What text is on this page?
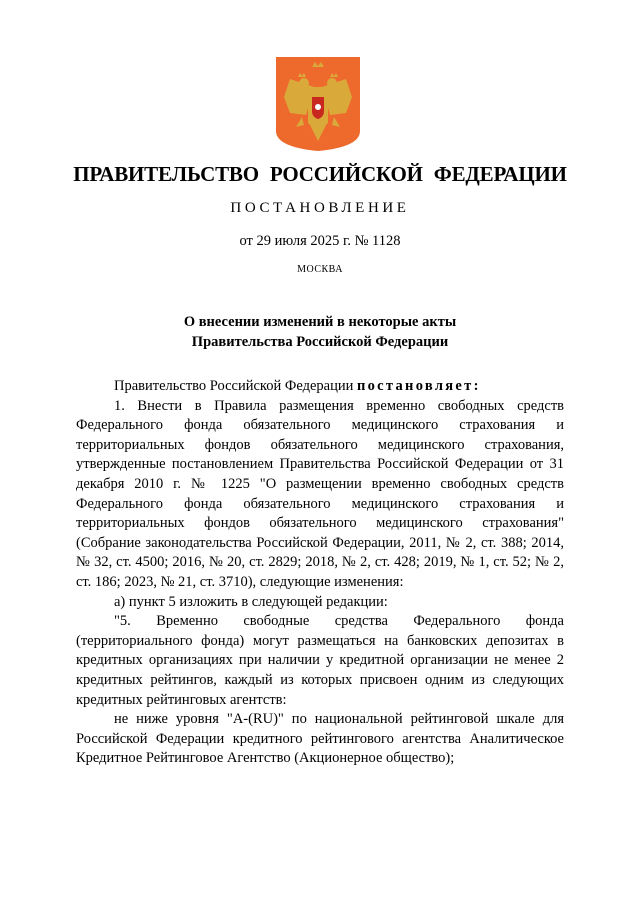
ПРАВИТЕЛЬСТВО РОССИЙСКОЙ ФЕДЕРАЦИИ
ПОСТАНОВЛЕНИЕ
от 29 июля 2025 г. № 1128
МОСКВА
О внесении изменений в некоторые акты
Правительства Российской Федерации

Правительство Российской Федерации постановляет:

1. Внести в Правила размещения временно свободных средств Федерального фонда обязательного медицинского страхования и территориальных фондов обязательного медицинского страхования, утвержденные постановлением Правительства Российской Федерации от 31 декабря 2010 г. № 1225 "О размещении временно свободных средств Федерального фонда обязательного медицинского страхования и территориальных фондов обязательного медицинского страхования" (Собрание законодательства Российской Федерации, 2011, № 2, ст. 388; 2014, № 32, ст. 4500; 2016, № 20, ст. 2829; 2018, № 2, ст. 428; 2019, № 1, ст. 52; № 2, ст. 186; 2023, № 21, ст. 3710), следующие изменения:

а) пункт 5 изложить в следующей редакции:

"5. Временно свободные средства Федерального фонда (территориального фонда) могут размещаться на банковских депозитах в кредитных организациях при наличии у кредитной организации не менее 2 кредитных рейтингов, каждый из которых присвоен одним из следующих кредитных рейтинговых агентств:

не ниже уровня "A-(RU)" по национальной рейтинговой шкале для Российской Федерации кредитного рейтингового агентства Аналитическое Кредитное Рейтинговое Агентство (Акционерное общество);
